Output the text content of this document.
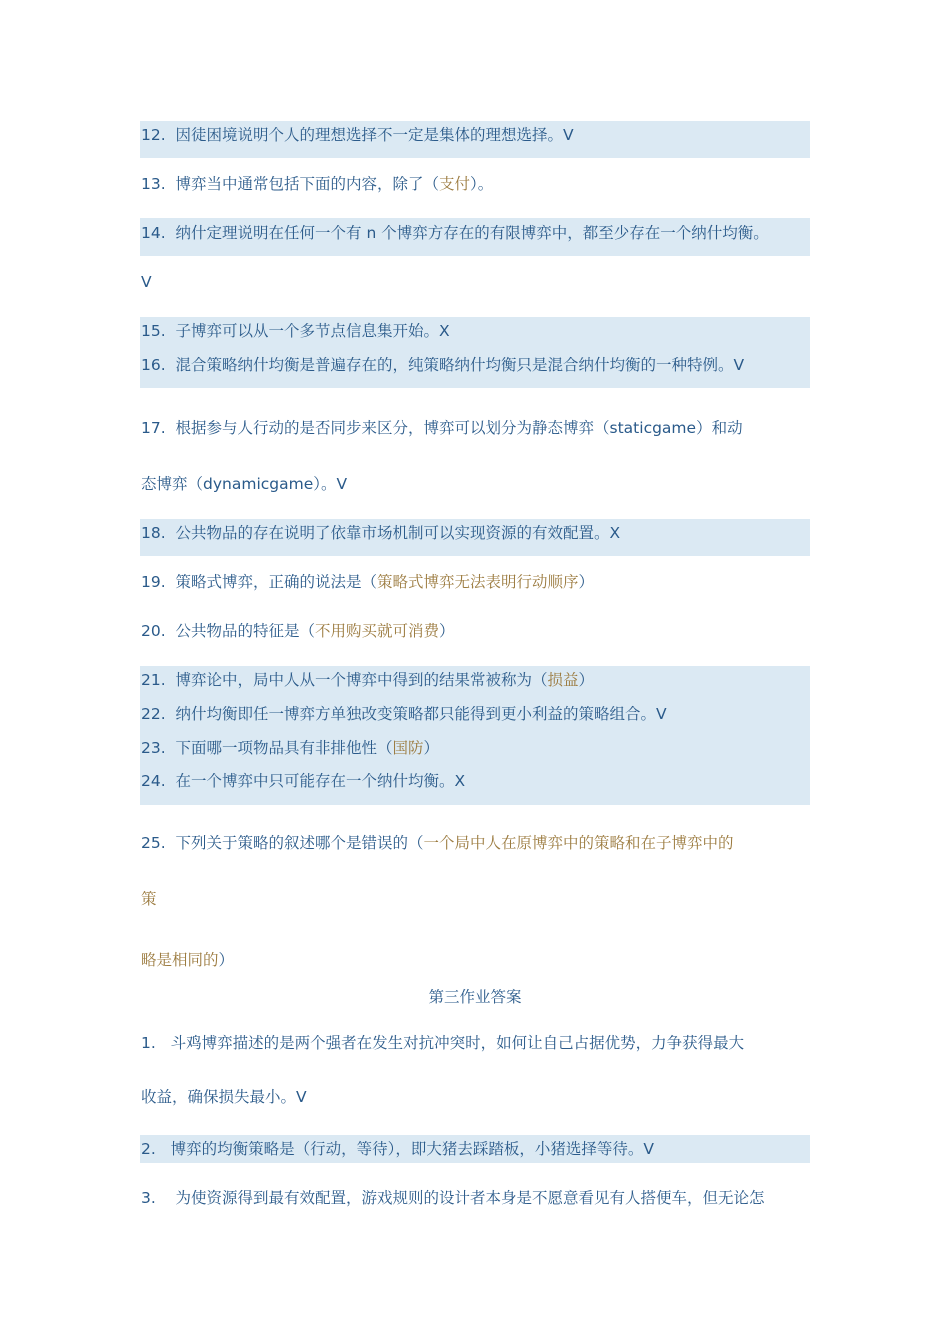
12. 因徒困境说明个人的理想选择不一定是集体的理想选择。V
13. 博弈当中通常包括下面的内容，除了（支付）。
14. 纳什定理说明在任何一个有 n 个博弈方存在的有限博弈中，都至少存在一个纳什均衡。
V
15. 子博弈可以从一个多节点信息集开始。X
16. 混合策略纳什均衡是普遍存在的，纯策略纳什均衡只是混合纳什均衡的一种特例。V
17. 根据参与人行动的是否同步来区分，博弈可以划分为静态博弈（staticgame）和动
态博弈（dynamicgame）。V
18. 公共物品的存在说明了依靠市场机制可以实现资源的有效配置。X
19. 策略式博弈，正确的说法是（策略式博弈无法表明行动顺序）
20. 公共物品的特征是（不用购买就可消费）
21. 博弈论中，局中人从一个博弈中得到的结果常被称为（损益）
22. 纳什均衡即任一博弈方单独改变策略都只能得到更小利益的策略组合。V
23. 下面哪一项物品具有非排他性（国防）
24. 在一个博弈中只可能存在一个纳什均衡。X
25. 下列关于策略的叙述哪个是错误的（一个局中人在原博弈中的策略和在子博弈中的
策
略是相同的）
第三作业答案
1. 斗鸡博弈描述的是两个强者在发生对抗冲突时，如何让自己占据优势，力争获得最大
收益，确保损失最小。V
2. 博弈的均衡策略是（行动，等待），即大猪去踩踏板，小猪选择等待。V
3. 为使资源得到最有效配置，游戏规则的设计者本身是不愿意看见有人搭便车，但无论怎
